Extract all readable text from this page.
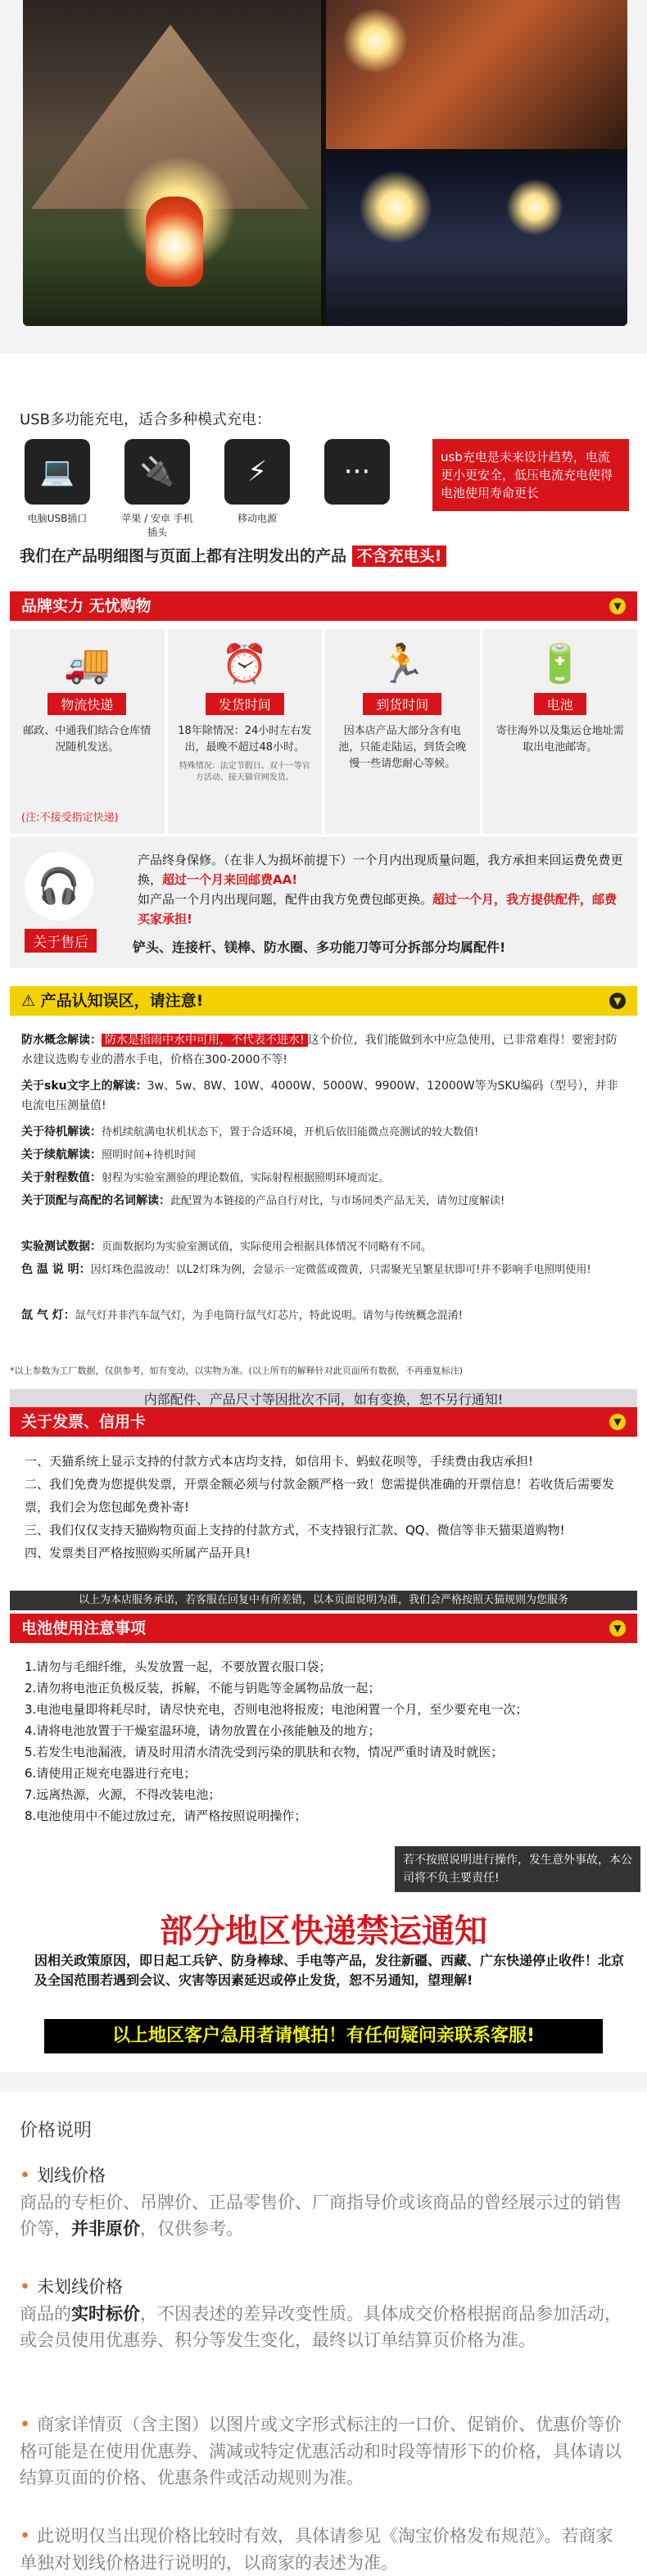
USB多功能充电，适合多种模式充电：
💻
电脑USB插口
🔌
苹果 / 安卓 手机插头
⚡
移动电源
···	usb充电是未来设计趋势，电流更小更安全，低压电流充电使得电池使用寿命更长
我们在产品明细图与页面上都有注明发出的产品 不含充电头!
品牌实力 无忧购物	▼
🚚
物流快递
邮政、中通我们结合仓库情况随机发送。
(注:不接受指定快递)
⏰
发货时间
18年除情况：24小时左右发出，最晚不超过48小时。
特殊情况：法定节假日、双十一等官方活动、接天猫官网发货。
🏃
到货时间
因本店产品大部分含有电池，只能走陆运，到货会晚慢一些请您耐心等候。
🔋
电池
寄往海外以及集运仓地址需取出电池邮寄。
🎧
关于售后
产品终身保修。（在非人为损坏前提下）一个月内出现质量问题，我方承担来回运费免费更换，超过一个月来回邮费AA!
如产品一个月内出现问题，配件由我方免费包邮更换。超过一个月，我方提供配件，邮费买家承担!
铲头、连接杆、镁棒、防水圈、多功能刀等可分拆部分均属配件!
⚠ 产品认知误区，请注意!	▼
防水概念解读： 防水是指雨中水中可用，不代表不进水! 这个价位，我们能做到水中应急使用，已非常难得！要密封防水建议选购专业的潜水手电，价格在300-2000不等!
关于sku文字上的解读：3w、5w、8W、10W、4000W、5000W、9900W、12000W等为SKU编码（型号），并非电流电压测量值!
关于待机解读：待机续航满电状机状态下，置于合适环境，开机后依旧能微点亮测试的较大数值!
关于续航解读：照明时间+待机时间
关于射程数值：射程为实验室测验的理论数值，实际射程根据照明环境而定。
关于顶配与高配的名词解读：此配置为本链接的产品自行对比，与市场同类产品无关，请勿过度解读!
实验测试数据：页面数据均为实验室测试值，实际使用会根据具体情况不同略有不同。
色 温 说 明：因灯珠色温波动！以L2灯珠为例，会显示一定微蓝或微黄，只需聚光呈繁星状即可!并不影响手电照明使用!
氙 气 灯：氙气灯并非汽车氙气灯，为手电筒行氙气灯芯片，特此说明。请勿与传统概念混淆!
*以上参数为工厂数据，仅供参考，如有变动，以实物为准。(以上所有的解释针对此页面所有数据，不再重复标注)
内部配件、产品尺寸等因批次不同，如有变换，恕不另行通知!
关于发票、信用卡	▼
一、天猫系统上显示支持的付款方式本店均支持，如信用卡、蚂蚁花呗等，手续费由我店承担!
二、我们免费为您提供发票，开票金额必须与付款金额严格一致！您需提供准确的开票信息！若收货后需要发票，我们会为您包邮免费补寄!
三、我们仅仅支持天猫购物页面上支持的付款方式，不支持银行汇款、QQ、微信等非天猫渠道购物!
四、发票类目严格按照购买所属产品开具!
以上为本店服务承诺，若客服在回复中有所差错，以本页面说明为准，我们会严格按照天猫规则为您服务
电池使用注意事项	▼
1.请勿与毛细纤维，头发放置一起，不要放置衣服口袋；
2.请勿将电池正负极反装，拆解，不能与钥匙等金属物品放一起；
3.电池电量即将耗尽时，请尽快充电，否则电池将报废；电池闲置一个月，至少要充电一次；
4.请将电池放置于干燥室温环境，请勿放置在小孩能触及的地方；
5.若发生电池漏液，请及时用清水清洗受到污染的肌肤和衣物，情况严重时请及时就医；
6.请使用正规充电器进行充电；
7.远离热源，火源，不得改装电池；
8.电池使用中不能过放过充，请严格按照说明操作；
若不按照说明进行操作，发生意外事故，本公司将不负主要责任!
部分地区快递禁运通知
因相关政策原因，即日起工兵铲、防身棒球、手电等产品，发往新疆、西藏、广东快递停止收件！北京及全国范围若遇到会议、灾害等因素延迟或停止发货，恕不另通知，望理解!
以上地区客户急用者请慎拍！有任何疑问亲联系客服!
价格说明
• 划线价格
商品的专柜价、吊牌价、正品零售价、厂商指导价或该商品的曾经展示过的销售价等，并非原价，仅供参考。
• 未划线价格
商品的实时标价，不因表述的差异改变性质。具体成交价格根据商品参加活动，或会员使用优惠券、积分等发生变化，最终以订单结算页价格为准。
• 商家详情页（含主图）以图片或文字形式标注的一口价、促销价、优惠价等价格可能是在使用优惠券、满减或特定优惠活动和时段等情形下的价格，具体请以结算页面的价格、优惠条件或活动规则为准。
• 此说明仅当出现价格比较时有效，具体请参见《淘宝价格发布规范》。若商家单独对划线价格进行说明的，以商家的表述为准。
